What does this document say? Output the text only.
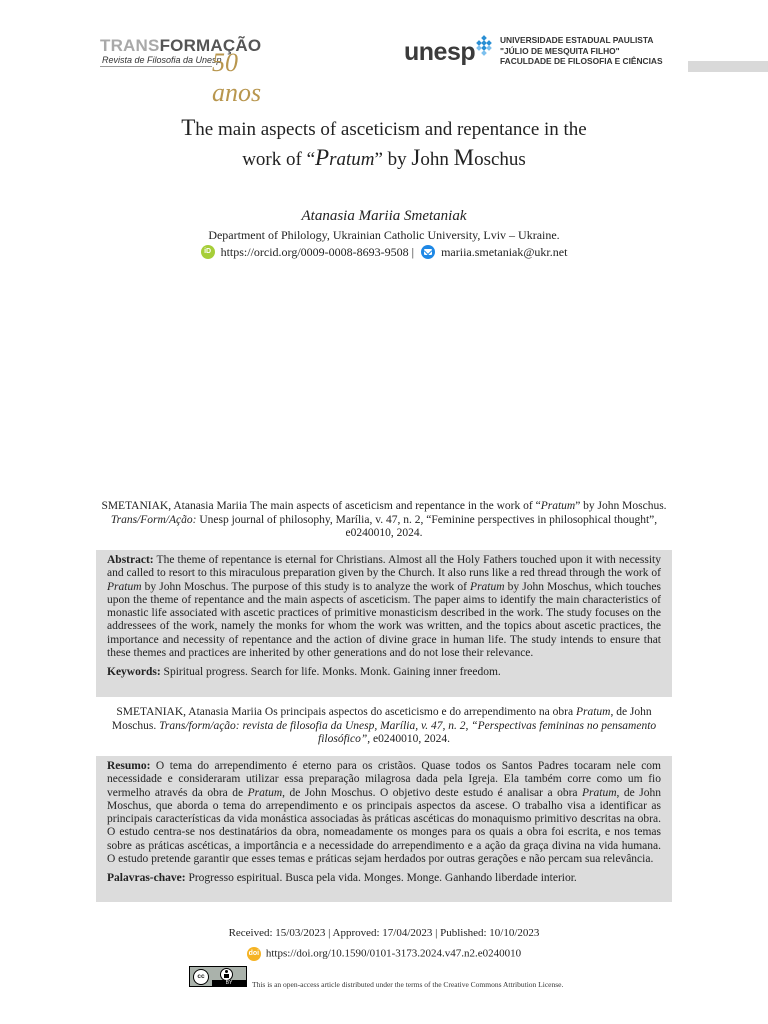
TRANSFORMAÇÃO
Revista de Filosofia da Unesp
50 anos
unesp	UNIVERSIDADE ESTADUAL PAULISTA
"JÚLIO DE MESQUITA FILHO"
FACULDADE DE FILOSOFIA E CIÊNCIAS
The main aspects of asceticism and repentance in the
work of “Pratum” by John Moschus
Atanasia Mariia Smetaniak
Department of Philology, Ukrainian Catholic University, Lviv – Ukraine.
iD https://orcid.org/0009-0008-8693-9508 | mariia.smetaniak@ukr.net
SMETANIAK, Atanasia Mariia The main aspects of asceticism and repentance in the work of “Pratum” by John Moschus. Trans/Form/Ação: Unesp journal of philosophy, Marília, v. 47, n. 2, “Feminine perspectives in philosophical thought”, e0240010, 2024.

Abstract: The theme of repentance is eternal for Christians. Almost all the Holy Fathers touched upon it with necessity and called to resort to this miraculous preparation given by the Church. It also runs like a red thread through the work of Pratum by John Moschus. The purpose of this study is to analyze the work of Pratum by John Moschus, which touches upon the theme of repentance and the main aspects of asceticism. The paper aims to identify the main characteristics of monastic life associated with ascetic practices of primitive monasticism described in the work. The study focuses on the addressees of the work, namely the monks for whom the work was written, and the topics about ascetic practices, the importance and necessity of repentance and the action of divine grace in human life. The study intends to ensure that these themes and practices are inherited by other generations and do not lose their relevance.

Keywords: Spiritual progress. Search for life. Monks. Monk. Gaining inner freedom.

SMETANIAK, Atanasia Mariia Os principais aspectos do asceticismo e do arrependimento na obra Pratum, de John Moschus. Trans/form/ação: revista de filosofia da Unesp, Marília, v. 47, n. 2, “Perspectivas femininas no pensamento filosófico”, e0240010, 2024.

Resumo: O tema do arrependimento é eterno para os cristãos. Quase todos os Santos Padres tocaram nele com necessidade e consideraram utilizar essa preparação milagrosa dada pela Igreja. Ela também corre como um fio vermelho através da obra de Pratum, de John Moschus. O objetivo deste estudo é analisar a obra Pratum, de John Moschus, que aborda o tema do arrependimento e os principais aspectos da ascese. O trabalho visa a identificar as principais características da vida monástica associadas às práticas ascéticas do monaquismo primitivo descritas na obra. O estudo centra-se nos destinatários da obra, nomeadamente os monges para os quais a obra foi escrita, e nos temas sobre as práticas ascéticas, a importância e a necessidade do arrependimento e a ação da graça divina na vida humana. O estudo pretende garantir que esses temas e práticas sejam herdados por outras gerações e não percam sua relevância.

Palavras-chave: Progresso espiritual. Busca pela vida. Monges. Monge. Ganhando liberdade interior.

Received: 15/03/2023 | Approved: 17/04/2023 | Published: 10/10/2023
doi https://doi.org/10.1590/0101-3173.2024.v47.n2.e0240010
cc
BY	This is an open-access article distributed under the terms of the Creative Commons Attribution License.
